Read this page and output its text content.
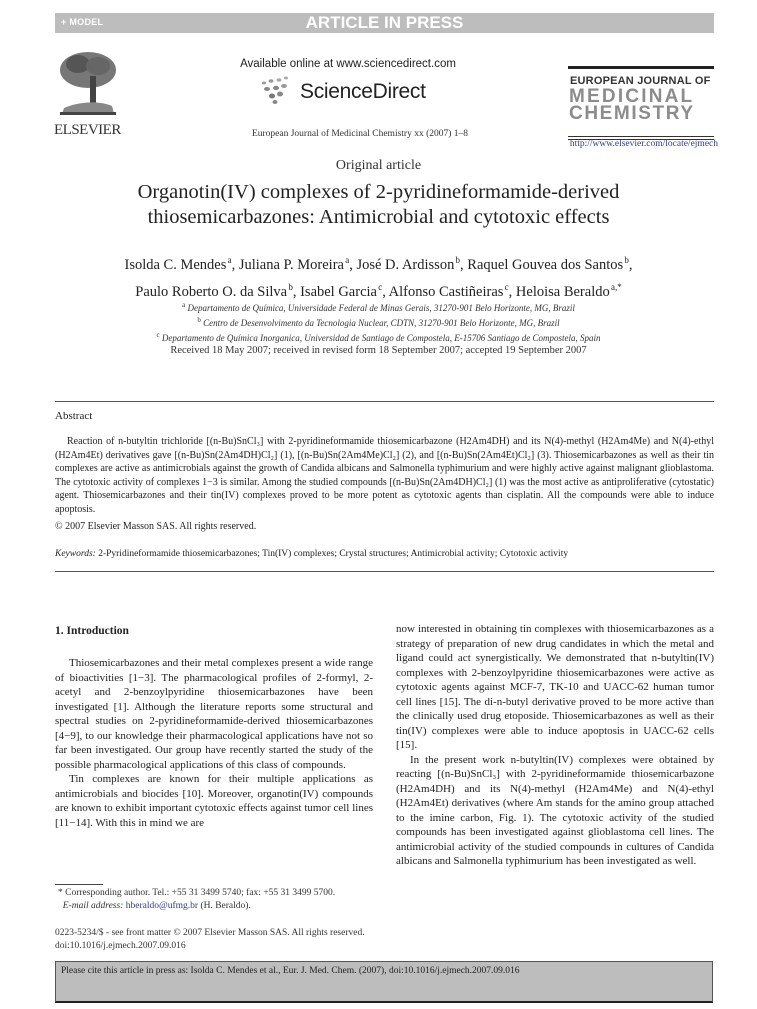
+ MODEL	ARTICLE IN PRESS
ELSEVIER
Available online at www.sciencedirect.com
ScienceDirect
European Journal of Medicinal Chemistry xx (2007) 1–8
EUROPEAN JOURNAL OF
MEDICINAL
CHEMISTRY
http://www.elsevier.com/locate/ejmech
Original article
Organotin(IV) complexes of 2-pyridineformamide-derived
thiosemicarbazones: Antimicrobial and cytotoxic effects
Isolda C. Mendes $^a$, Juliana P. Moreira $^a$, José D. Ardisson $^b$, Raquel Gouvea dos Santos $^b$,
Paulo Roberto O. da Silva $^b$, Isabel Garcia $^c$, Alfonso Castiñeiras $^c$, Heloisa Beraldo $^{a,*}$
$^a$ Departamento de Química, Universidade Federal de Minas Gerais, 31270-901 Belo Horizonte, MG, Brazil
$^b$ Centro de Desenvolvimento da Tecnologia Nuclear, CDTN, 31270-901 Belo Horizonte, MG, Brazil
$^c$ Departamento de Química Inorganica, Universidad de Santiago de Compostela, E-15706 Santiago de Compostela, Spain
Received 18 May 2007; received in revised form 18 September 2007; accepted 19 September 2007
Abstract
Reaction of n-butyltin trichloride [(n-Bu)SnCl₃] with 2-pyridineformamide thiosemicarbazone (H2Am4DH) and its N(4)-methyl (H2Am4Me) and N(4)-ethyl (H2Am4Et) derivatives gave [(n-Bu)Sn(2Am4DH)Cl₂] (1), [(n-Bu)Sn(2Am4Me)Cl₂] (2), and [(n-Bu)Sn(2Am4Et)Cl₂] (3). Thiosemicarbazones as well as their tin complexes are active as antimicrobials against the growth of Candida albicans and Salmonella typhimurium and were highly active against malignant glioblastoma. The cytotoxic activity of complexes 1−3 is similar. Among the studied compounds [(n-Bu)Sn(2Am4DH)Cl₂] (1) was the most active as antiproliferative (cytostatic) agent. Thiosemicarbazones and their tin(IV) complexes proved to be more potent as cytotoxic agents than cisplatin. All the compounds were able to induce apoptosis.
© 2007 Elsevier Masson SAS. All rights reserved.
Keywords: 2-Pyridineformamide thiosemicarbazones; Tin(IV) complexes; Crystal structures; Antimicrobial activity; Cytotoxic activity
1. Introduction

Thiosemicarbazones and their metal complexes present a wide range of bioactivities [1−3]. The pharmacological profiles of 2-formyl, 2-acetyl and 2-benzoylpyridine thiosemicarbazones have been investigated [1]. Although the literature reports some structural and spectral studies on 2-pyridineformamide-derived thiosemicarbazones [4−9], to our knowledge their pharmacological applications have not so far been investigated. Our group have recently started the study of the possible pharmacological applications of this class of compounds.

Tin complexes are known for their multiple applications as antimicrobials and biocides [10]. Moreover, organotin(IV) compounds are known to exhibit important cytotoxic effects against tumor cell lines [11−14]. With this in mind we are

now interested in obtaining tin complexes with thiosemicarbazones as a strategy of preparation of new drug candidates in which the metal and ligand could act synergistically. We demonstrated that n-butyltin(IV) complexes with 2-benzoylpyridine thiosemicarbazones were active as cytotoxic agents against MCF-7, TK-10 and UACC-62 human tumor cell lines [15]. The di-n-butyl derivative proved to be more active than the clinically used drug etoposide. Thiosemicarbazones as well as their tin(IV) complexes were able to induce apoptosis in UACC-62 cells [15].

In the present work n-butyltin(IV) complexes were obtained by reacting [(n-Bu)SnCl₃] with 2-pyridineformamide thiosemicarbazone (H2Am4DH) and its N(4)-methyl (H2Am4Me) and N(4)-ethyl (H2Am4Et) derivatives (where Am stands for the amino group attached to the imine carbon, Fig. 1). The cytotoxic activity of the studied compounds has been investigated against glioblastoma cell lines. The antimicrobial activity of the studied compounds in cultures of Candida albicans and Salmonella typhimurium has been investigated as well.

* Corresponding author. Tel.: +55 31 3499 5740; fax: +55 31 3499 5700.
E-mail address: hberaldo@ufmg.br (H. Beraldo).
0223-5234/$ - see front matter © 2007 Elsevier Masson SAS. All rights reserved.
doi:10.1016/j.ejmech.2007.09.016
Please cite this article in press as: Isolda C. Mendes et al., Eur. J. Med. Chem. (2007), doi:10.1016/j.ejmech.2007.09.016
